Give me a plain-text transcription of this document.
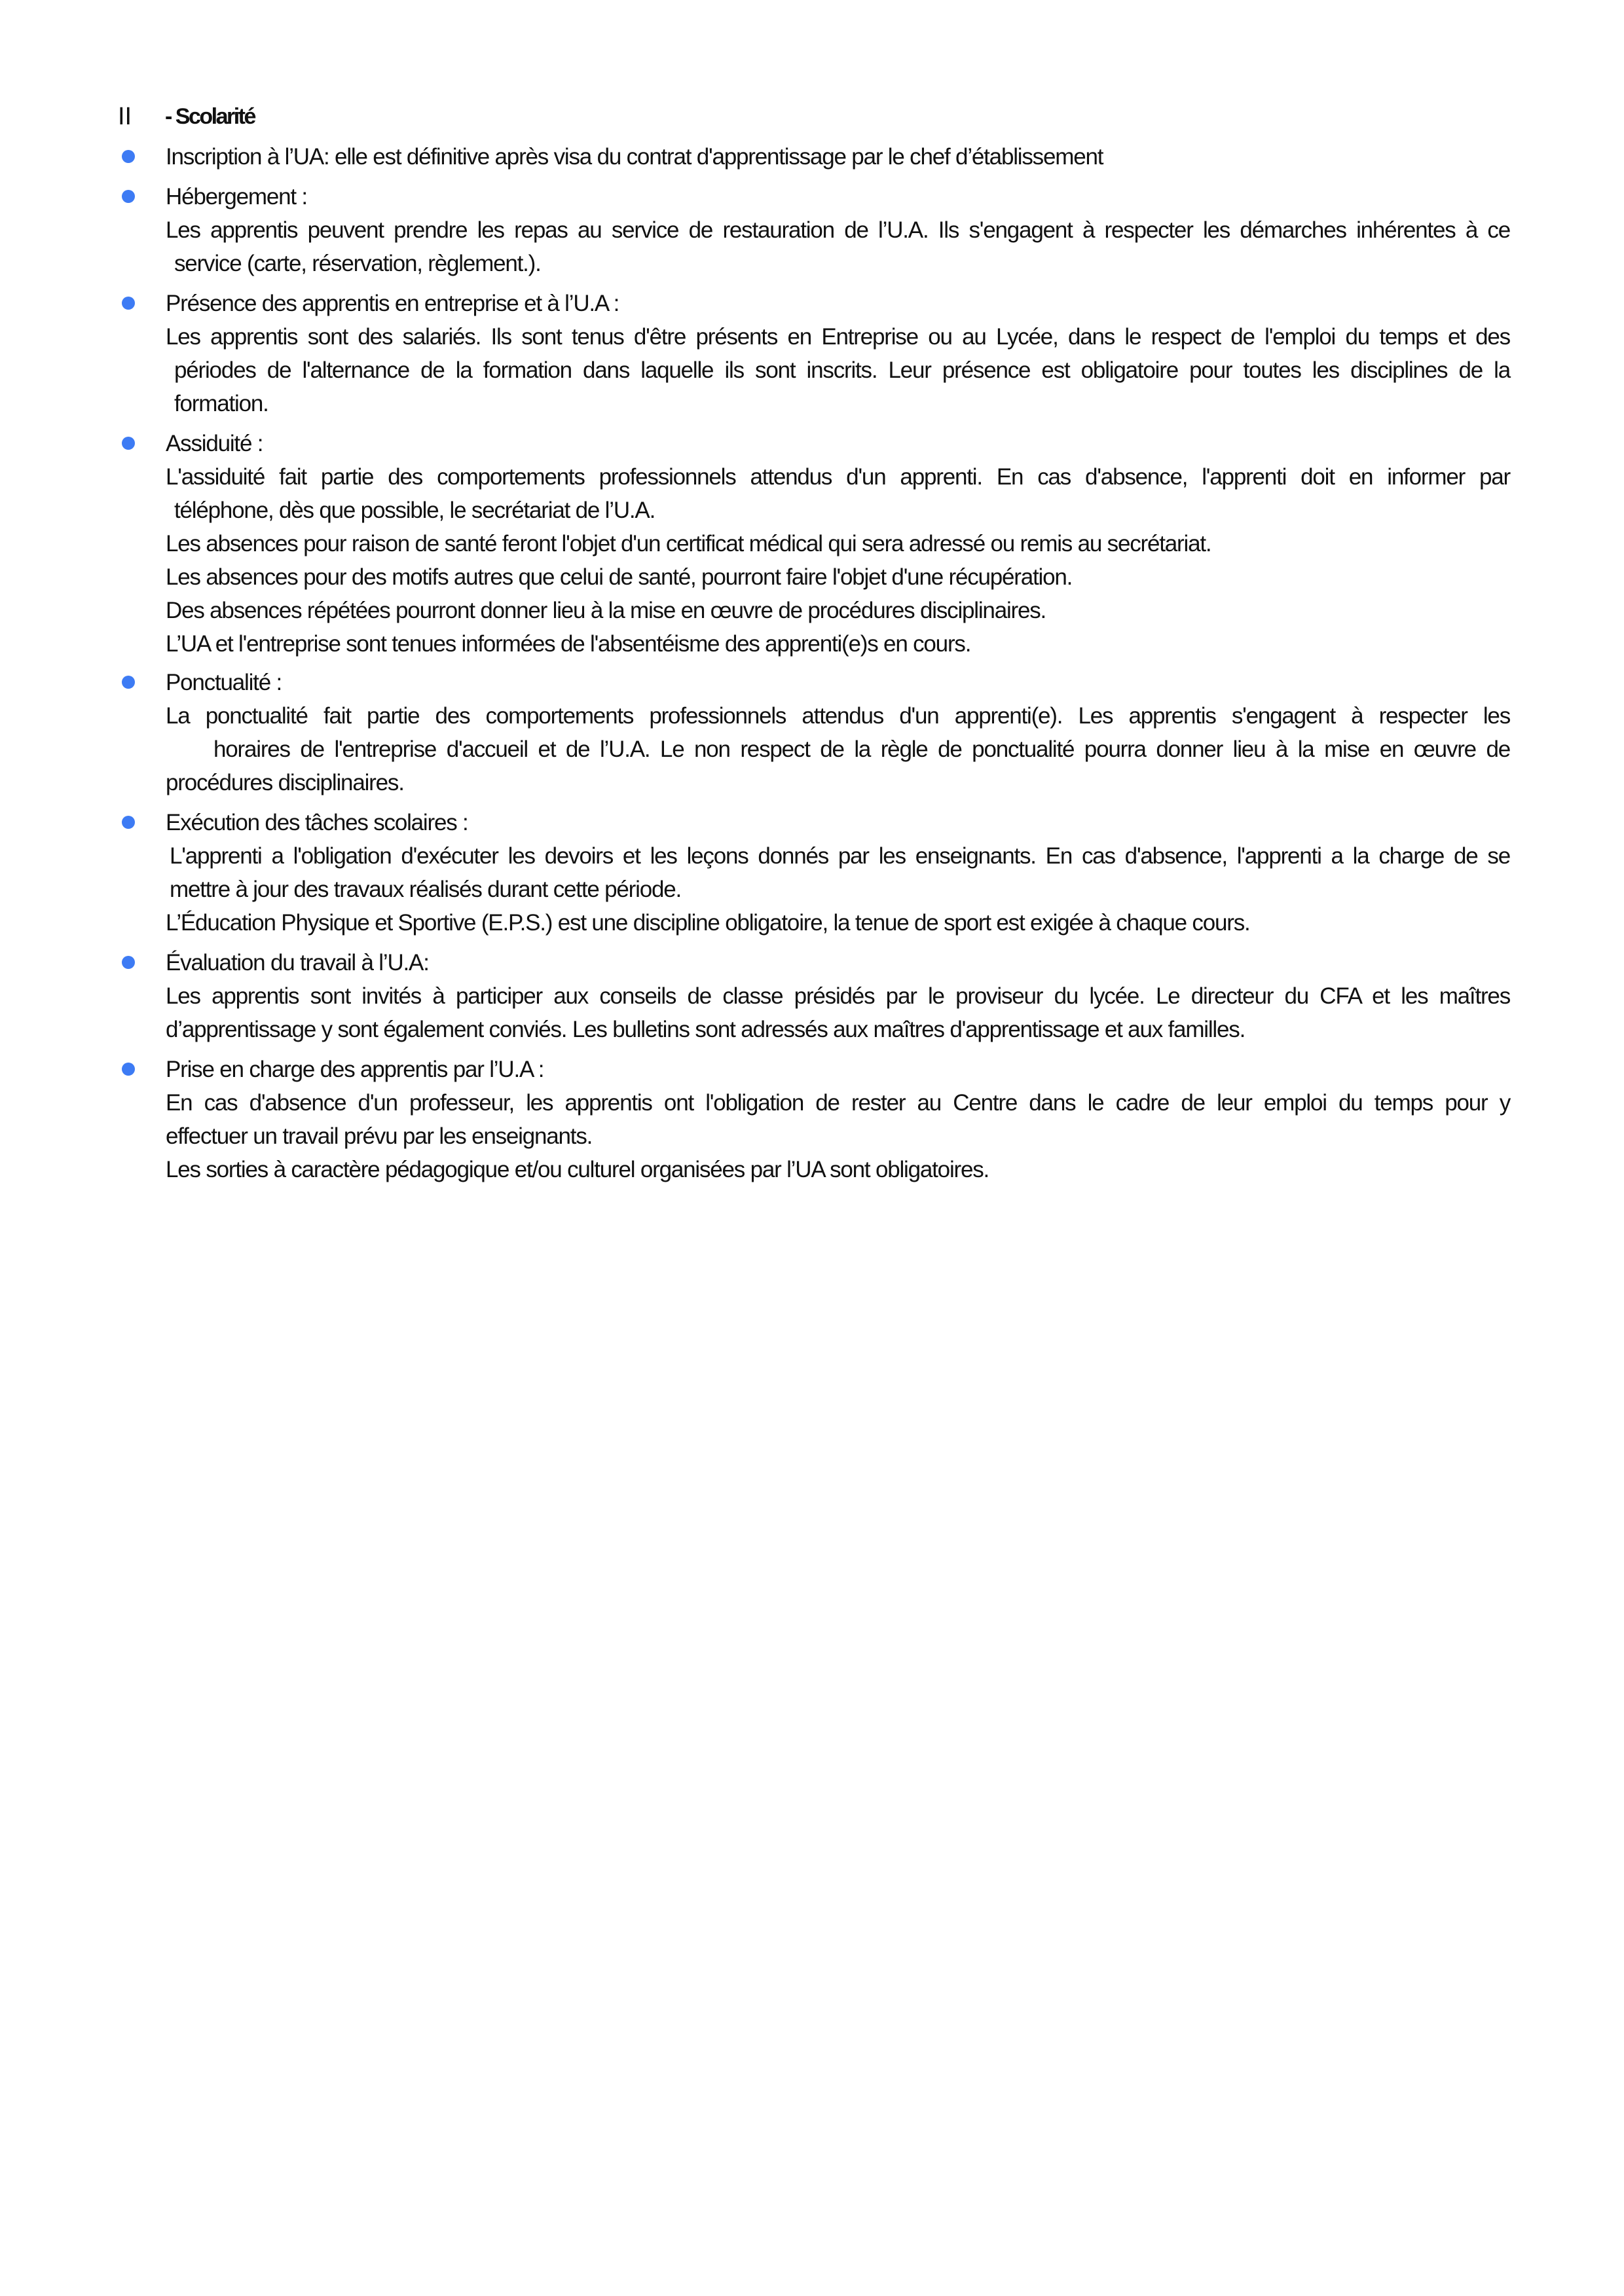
II - Scolarité
Inscription à l’UA: elle est définitive après visa du contrat d'apprentissage par le chef d’établissement
Hébergement :
Les apprentis peuvent prendre les repas au service de restauration de l’U.A. Ils s'engagent à respecter les démarches inhérentes à ce
service (carte, réservation, règlement.).
Présence des apprentis en entreprise et à l’U.A :
Les apprentis sont des salariés. Ils sont tenus d'être présents en Entreprise ou au Lycée, dans le respect de l'emploi du temps et des
périodes de l'alternance de la formation dans laquelle ils sont inscrits. Leur présence est obligatoire pour toutes les disciplines de la
formation.
Assiduité :
L'assiduité fait partie des comportements professionnels attendus d'un apprenti. En cas d'absence, l'apprenti doit en informer par
téléphone, dès que possible, le secrétariat de l’U.A.
Les absences pour raison de santé feront l'objet d'un certificat médical qui sera adressé ou remis au secrétariat.
Les absences pour des motifs autres que celui de santé, pourront faire l'objet d'une récupération.
Des absences répétées pourront donner lieu à la mise en œuvre de procédures disciplinaires.
L’UA et l'entreprise sont tenues informées de l'absentéisme des apprenti(e)s en cours.
Ponctualité :
La ponctualité fait partie des comportements professionnels attendus d'un apprenti(e). Les apprentis s'engagent à respecter les
horaires de l'entreprise d'accueil et de l’U.A. Le non respect de la règle de ponctualité pourra donner lieu à la mise en œuvre de
procédures disciplinaires.
Exécution des tâches scolaires :
L'apprenti a l'obligation d'exécuter les devoirs et les leçons donnés par les enseignants. En cas d'absence, l'apprenti a la charge de se
mettre à jour des travaux réalisés durant cette période.
L’Éducation Physique et Sportive (E.P.S.) est une discipline obligatoire, la tenue de sport est exigée à chaque cours.
Évaluation du travail à l’U.A:
Les apprentis sont invités à participer aux conseils de classe présidés par le proviseur du lycée. Le directeur du CFA et les maîtres
d’apprentissage y sont également conviés. Les bulletins sont adressés aux maîtres d'apprentissage et aux familles.
Prise en charge des apprentis par l’U.A :
En cas d'absence d'un professeur, les apprentis ont l'obligation de rester au Centre dans le cadre de leur emploi du temps pour y
effectuer un travail prévu par les enseignants.
Les sorties à caractère pédagogique et/ou culturel organisées par l’UA sont obligatoires.
